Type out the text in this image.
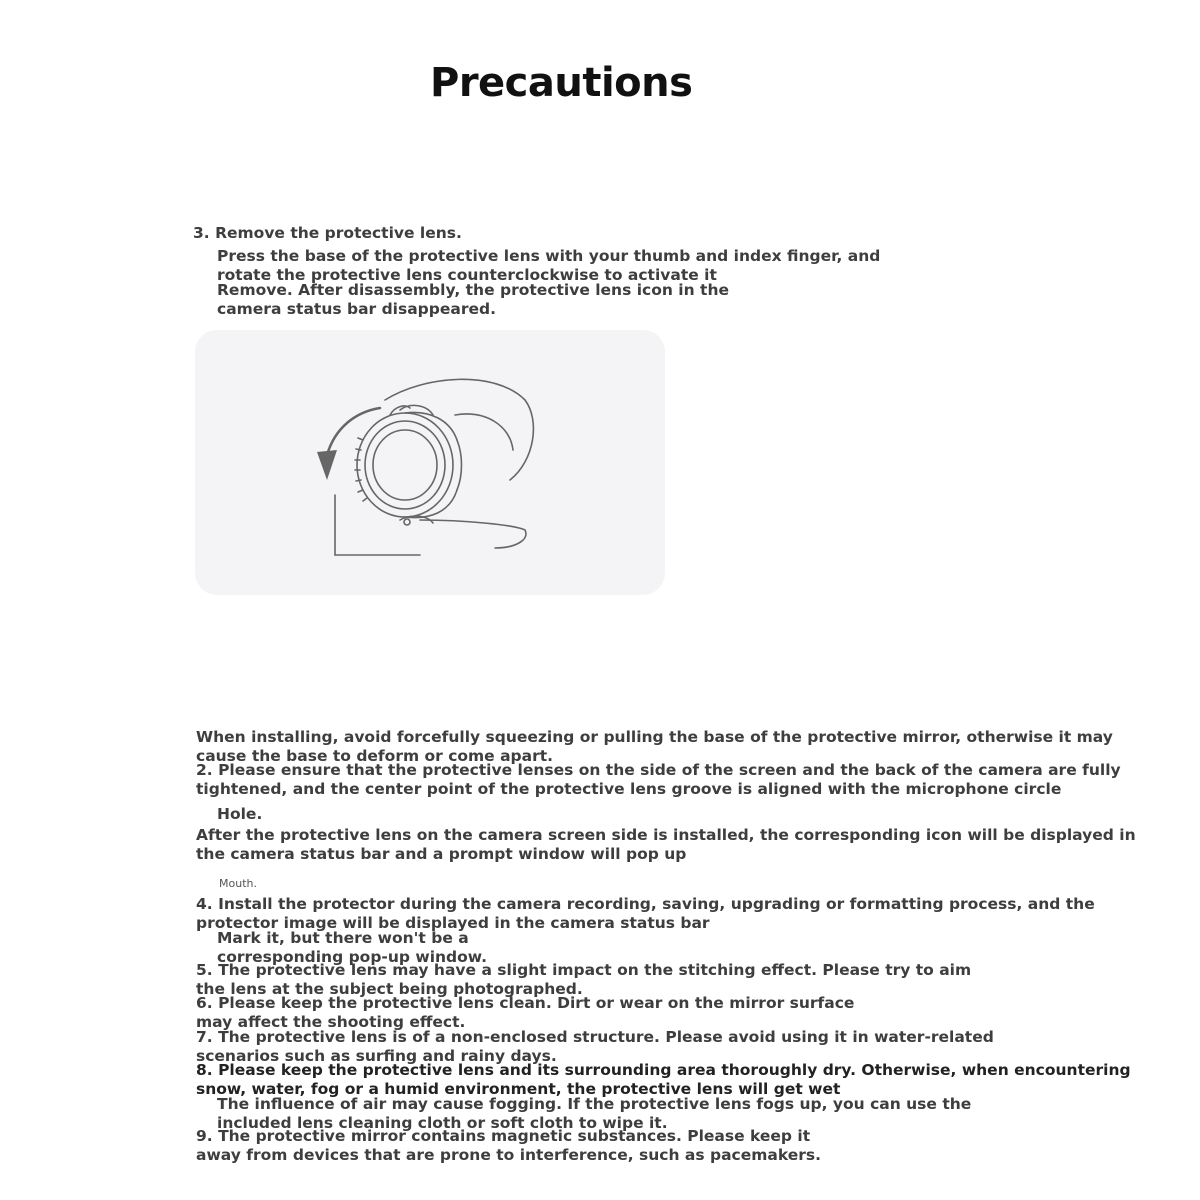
Precautions
3. Remove the protective lens.
Press the base of the protective lens with your thumb and index finger, and
rotate the protective lens counterclockwise to activate it
Remove. After disassembly, the protective lens icon in the
camera status bar disappeared.
When installing, avoid forcefully squeezing or pulling the base of the protective mirror, otherwise it may
cause the base to deform or come apart.
2. Please ensure that the protective lenses on the side of the screen and the back of the camera are fully
tightened, and the center point of the protective lens groove is aligned with the microphone circle
Hole.
After the protective lens on the camera screen side is installed, the corresponding icon will be displayed in
the camera status bar and a prompt window will pop up
Mouth.
4. Install the protector during the camera recording, saving, upgrading or formatting process, and the
protector image will be displayed in the camera status bar
Mark it, but there won't be a
corresponding pop-up window.
5. The protective lens may have a slight impact on the stitching effect. Please try to aim
the lens at the subject being photographed.
6. Please keep the protective lens clean. Dirt or wear on the mirror surface
may affect the shooting effect.
7. The protective lens is of a non-enclosed structure. Please avoid using it in water-related
scenarios such as surfing and rainy days.
8. Please keep the protective lens and its surrounding area thoroughly dry. Otherwise, when encountering
snow, water, fog or a humid environment, the protective lens will get wet
The influence of air may cause fogging. If the protective lens fogs up, you can use the
included lens cleaning cloth or soft cloth to wipe it.
9. The protective mirror contains magnetic substances. Please keep it
away from devices that are prone to interference, such as pacemakers.
